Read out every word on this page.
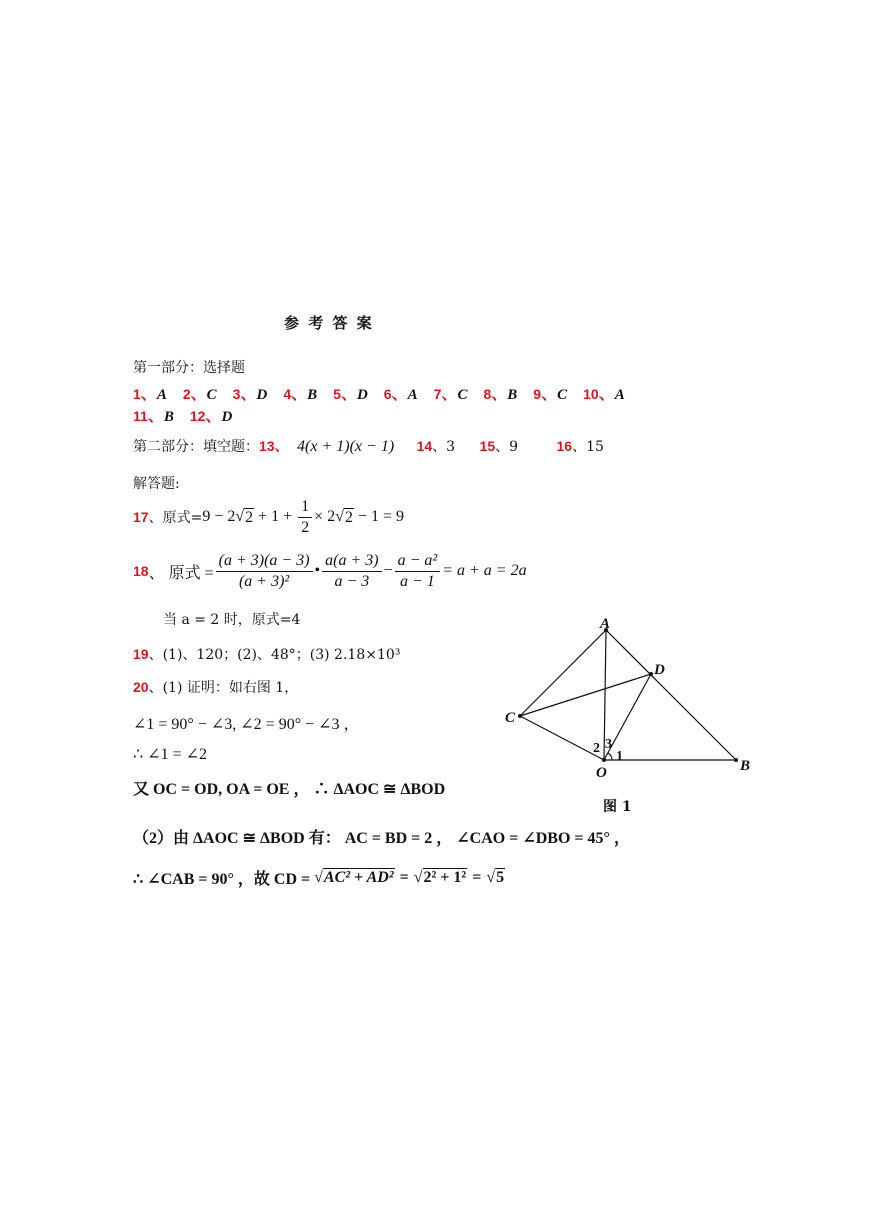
参 考 答 案
第一部分：选择题
1、A 2、C 3、D 4、B 5、D 6、A 7、C 8、B 9、C 10、A
11、B 12、D
第二部分：填空题：13、 4(x + 1)(x − 1) 14、3 15、9	16、15
解答题:
17 、原式= 9 − 2 √ $2 + 1 + \frac{1}{2} \times 2$ √ 2 − 1 = 9
18 、 原式 = $\frac{(a + 3)(a - 3)}{\text{(a + 3)²}}$ • $\frac{a(a + 3)}{a - 3} - \frac{\text{a − a²}}{a - 1} = a + a = 2a$
当 a = 2 时，原式=4
19、(1)、120；(2)、48°；(3) 2.18×10³
20、(1) 证明：如右图 1，
∠1 = 90° − ∠3, ∠2 = 90° − ∠3 ，
∴ ∠1 = ∠2
又 OC = OD, OA = OE ， ∴ ΔAOC ≅ ΔBOD
（2）由 ΔAOC ≅ ΔBOD 有： AC = BD = 2 ， ∠CAO = ∠DBO = 45° ，
∴ ∠CAB = 90° ，故 CD = √ AC² + AD² = √ 2² + 1² = √ 5
A
D
C
O	B
2 3
1
图 1
